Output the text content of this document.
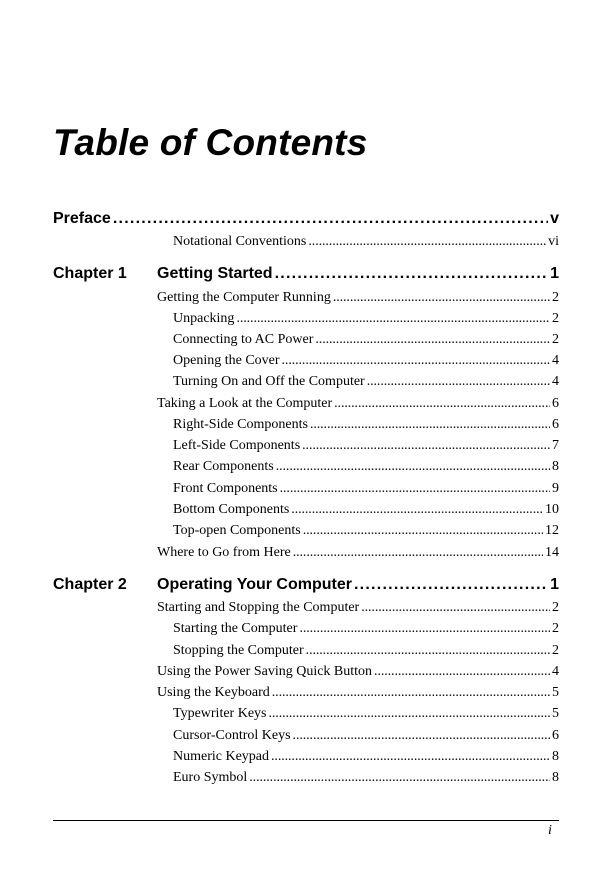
Table of Contents
Preface . . .	v
Notational Conventions . . .	vi
Chapter 1 Getting Started . . .	1
Getting the Computer Running . . .	2
Unpacking . . .	2
Connecting to AC Power . . .	2
Opening the Cover . . .	4
Turning On and Off the Computer . . .	4
Taking a Look at the Computer . . .	6
Right-Side Components . . .	6
Left-Side Components . . .	7
Rear Components . . .	8
Front Components . . .	9
Bottom Components . . .	10
Top-open Components . . .	12
Where to Go from Here . . .	14
Chapter 2 Operating Your Computer . . .	1
Starting and Stopping the Computer . . .	2
Starting the Computer . . .	2
Stopping the Computer . . .	2
Using the Power Saving Quick Button . . .	4
Using the Keyboard . . .	5
Typewriter Keys . . .	5
Cursor-Control Keys . . .	6
Numeric Keypad . . .	8
Euro Symbol . . .	8
i
